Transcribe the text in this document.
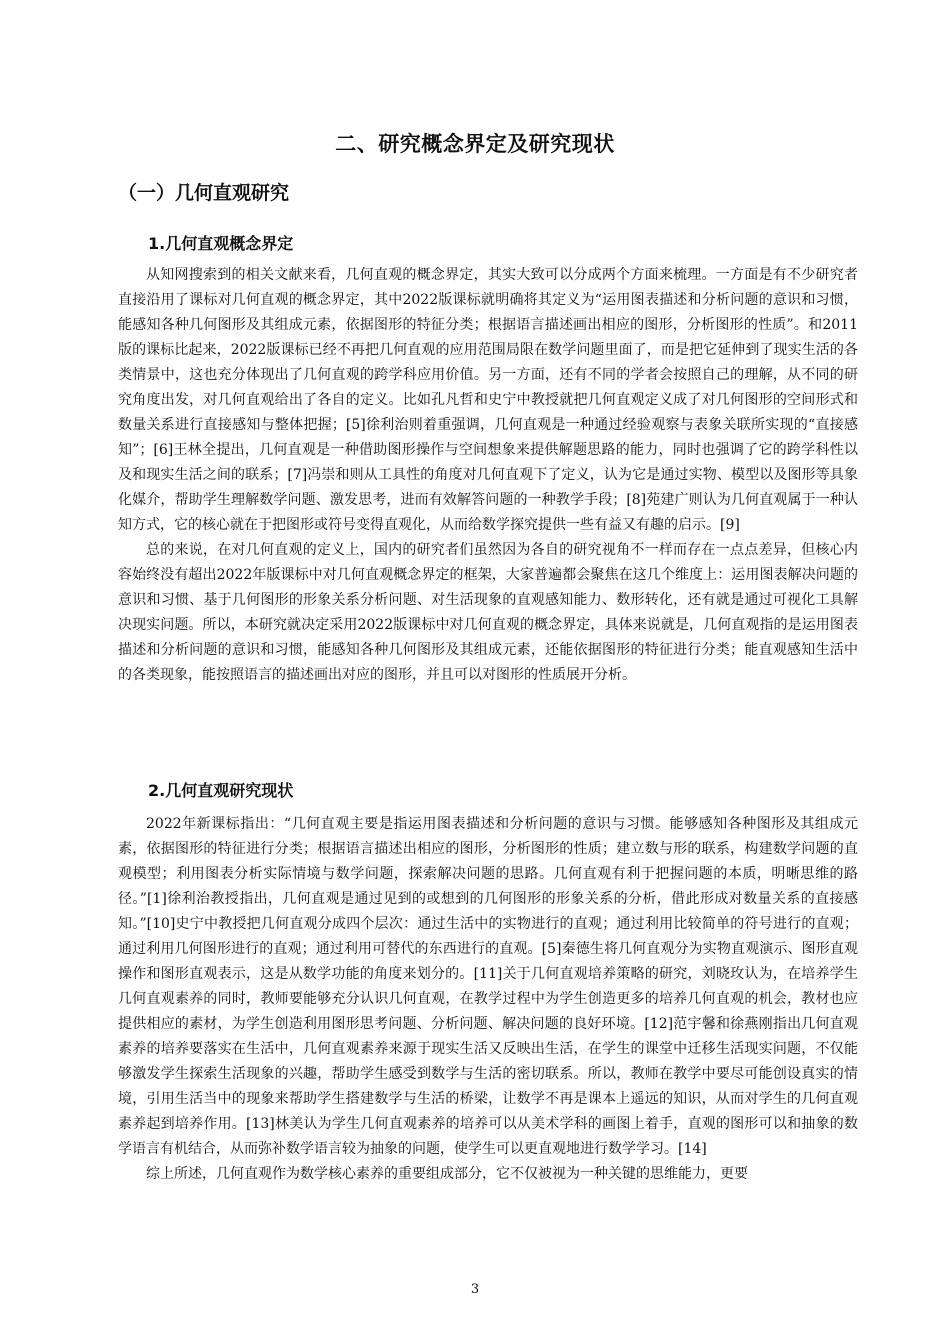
二、研究概念界定及研究现状
（一）几何直观研究
1.几何直观概念界定

从知网搜索到的相关文献来看，几何直观的概念界定，其实大致可以分成两个方面来梳理。一方面是有不少研究者直接沿用了课标对几何直观的概念界定，其中2022版课标就明确将其定义为“运用图表描述和分析问题的意识和习惯，能感知各种几何图形及其组成元素，依据图形的特征分类；根据语言描述画出相应的图形，分析图形的性质”。和2011版的课标比起来，2022版课标已经不再把几何直观的应用范围局限在数学问题里面了，而是把它延伸到了现实生活的各类情景中，这也充分体现出了几何直观的跨学科应用价值。另一方面，还有不同的学者会按照自己的理解，从不同的研究角度出发，对几何直观给出了各自的定义。比如孔凡哲和史宁中教授就把几何直观定义成了对几何图形的空间形式和数量关系进行直接感知与整体把握；[5]徐利治则着重强调，几何直观是一种通过经验观察与表象关联所实现的“直接感知”；[6]王林全提出，几何直观是一种借助图形操作与空间想象来提供解题思路的能力，同时也强调了它的跨学科性以及和现实生活之间的联系；[7]冯崇和则从工具性的角度对几何直观下了定义，认为它是通过实物、模型以及图形等具象化媒介，帮助学生理解数学问题、激发思考，进而有效解答问题的一种教学手段；[8]苑建广则认为几何直观属于一种认知方式，它的核心就在于把图形或符号变得直观化，从而给数学探究提供一些有益又有趣的启示。[9]

总的来说，在对几何直观的定义上，国内的研究者们虽然因为各自的研究视角不一样而存在一点点差异，但核心内容始终没有超出2022年版课标中对几何直观概念界定的框架，大家普遍都会聚焦在这几个维度上：运用图表解决问题的意识和习惯、基于几何图形的形象关系分析问题、对生活现象的直观感知能力、数形转化，还有就是通过可视化工具解决现实问题。所以，本研究就决定采用2022版课标中对几何直观的概念界定，具体来说就是，几何直观指的是运用图表描述和分析问题的意识和习惯，能感知各种几何图形及其组成元素，还能依据图形的特征进行分类；能直观感知生活中的各类现象，能按照语言的描述画出对应的图形，并且可以对图形的性质展开分析。

2.几何直观研究现状

2022年新课标指出：“几何直观主要是指运用图表描述和分析问题的意识与习惯。能够感知各种图形及其组成元素，依据图形的特征进行分类；根据语言描述出相应的图形，分析图形的性质；建立数与形的联系，构建数学问题的直观模型；利用图表分析实际情境与数学问题，探索解决问题的思路。几何直观有利于把握问题的本质，明晰思维的路径。”[1]徐利治教授指出，几何直观是通过见到的或想到的几何图形的形象关系的分析，借此形成对数量关系的直接感知。”[10]史宁中教授把几何直观分成四个层次：通过生活中的实物进行的直观；通过利用比较简单的符号进行的直观；通过利用几何图形进行的直观；通过利用可替代的东西进行的直观。[5]秦德生将几何直观分为实物直观演示、图形直观操作和图形直观表示，这是从数学功能的角度来划分的。[11]关于几何直观培养策略的研究，刘晓玫认为，在培养学生几何直观素养的同时，教师要能够充分认识几何直观，在教学过程中为学生创造更多的培养几何直观的机会，教材也应提供相应的素材，为学生创造利用图形思考问题、分析问题、解决问题的良好环境。[12]范宇馨和徐燕刚指出几何直观素养的培养要落实在生活中，几何直观素养来源于现实生活又反映出生活，在学生的课堂中迁移生活现实问题，不仅能够激发学生探索生活现象的兴趣，帮助学生感受到数学与生活的密切联系。所以，教师在教学中要尽可能创设真实的情境，引用生活当中的现象来帮助学生搭建数学与生活的桥梁，让数学不再是课本上遥远的知识，从而对学生的几何直观素养起到培养作用。[13]林美认为学生几何直观素养的培养可以从美术学科的画图上着手，直观的图形可以和抽象的数学语言有机结合，从而弥补数学语言较为抽象的问题，使学生可以更直观地进行数学学习。[14]

综上所述，几何直观作为数学核心素养的重要组成部分，它不仅被视为一种关键的思维能力，更要

3
